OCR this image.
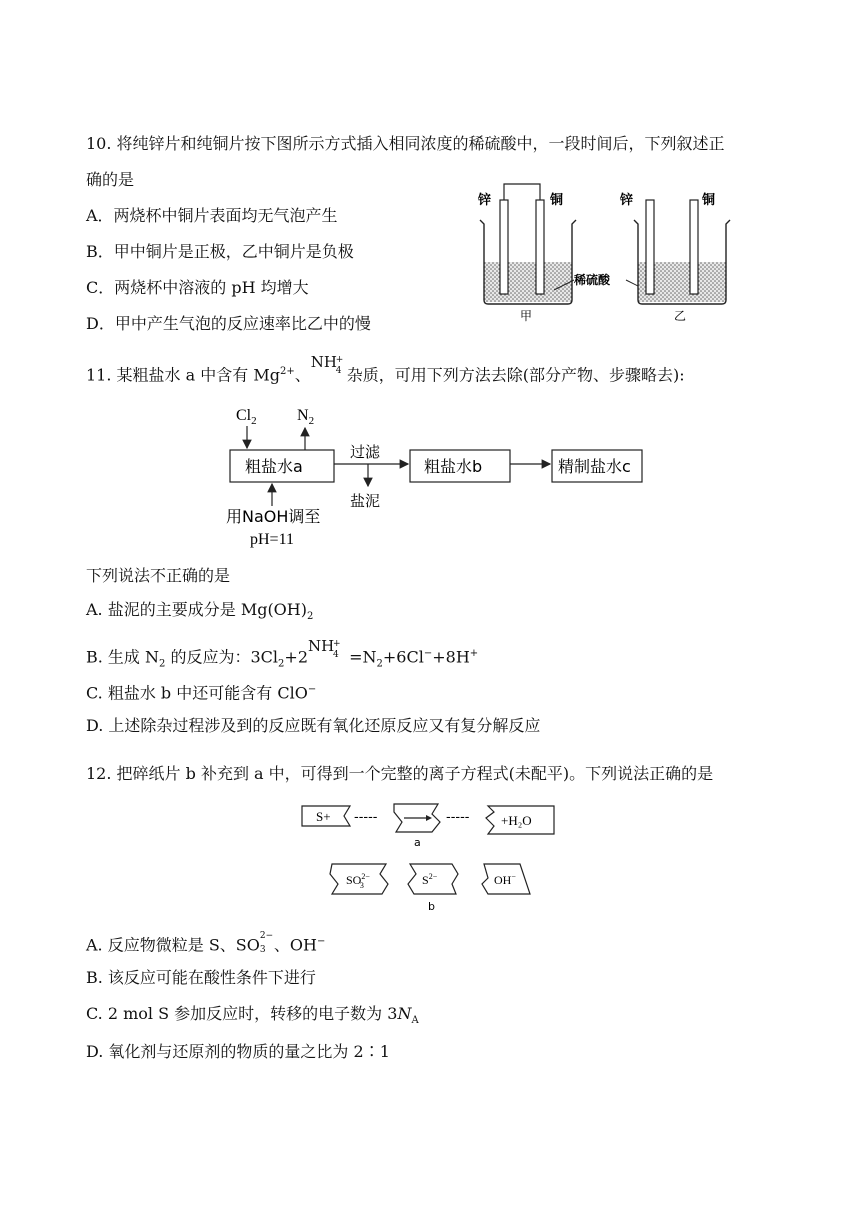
10. 将纯锌片和纯铜片按下图所示方式插入相同浓度的稀硫酸中，一段时间后，下列叙述正
确的是
A．两烧杯中铜片表面均无气泡产生
B．甲中铜片是正极，乙中铜片是负极
C．两烧杯中溶液的 pH 均增大
D．甲中产生气泡的反应速率比乙中的慢
锌	铜
甲
稀硫酸
锌	铜
乙
11. 某粗盐水 a 中含有 $Mg^{2+}$、
NH
+
4 杂质，可用下列方法去除(部分产物、步骤略去):
$Cl_2$	$N_2$
粗盐水a
过滤
盐泥
粗盐水b	精制盐水c
用NaOH调至
pH=11
下列说法不正确的是
A. 盐泥的主要成分是 $Mg(OH)_2$
B. 生成 $N_2$ 的反应为：$3Cl_2+2$
NH
+
$4 =N_2+6Cl^-+8H^+$
C. 粗盐水 b 中还可能含有 ClO−
D. 上述除杂过程涉及到的反应既有氧化还原反应又有复分解反应
12. 把碎纸片 b 补充到 a 中，可得到一个完整的离子方程式(未配平)。下列说法正确的是
S+ -----
a
----- +H₂O
$SO^{2-}$ 3	$S^{2-}$
b
OH−
A. 反应物微粒是 S、SO 2−
3 、OH−
B. 该反应可能在酸性条件下进行
C. 2 mol S 参加反应时，转移的电子数为 $3N_A$
D. 氧化剂与还原剂的物质的量之比为 2∶1
